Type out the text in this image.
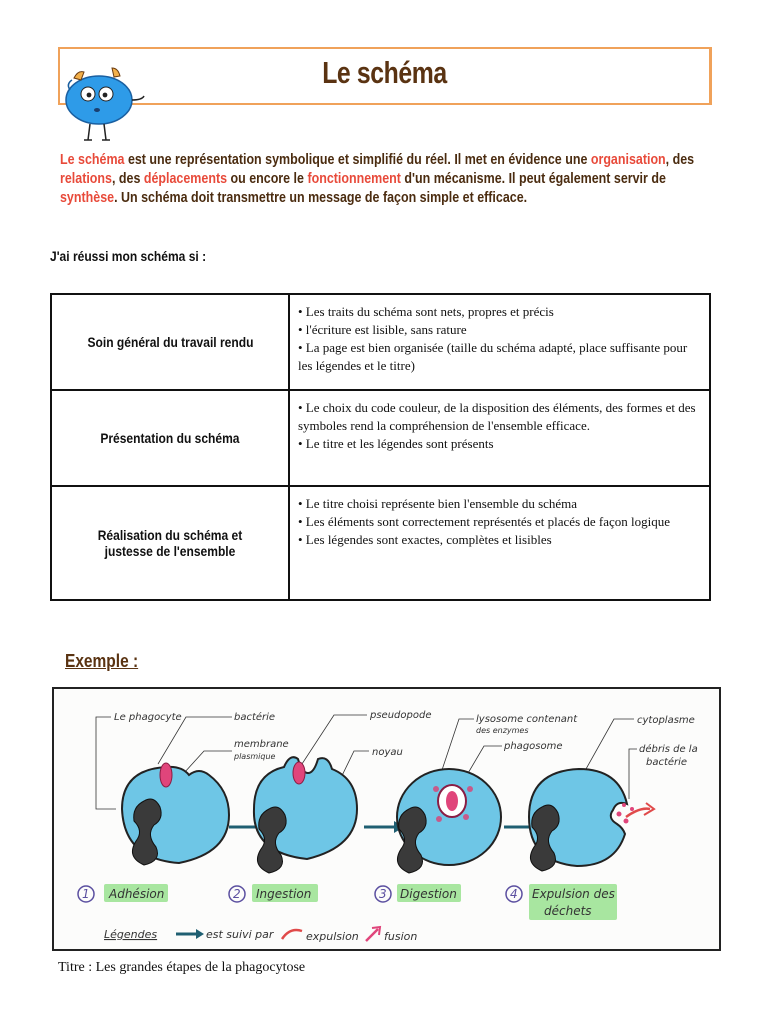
Le schéma
Le schéma est une représentation symbolique et simplifié du réel. Il met en évidence une organisation, des relations, des déplacements ou encore le fonctionnement d'un mécanisme. Il peut également servir de synthèse. Un schéma doit transmettre un message de façon simple et efficace.
J'ai réussi mon schéma si :
Soin général du travail rendu	• Les traits du schéma sont nets, propres et précis
• l'écriture est lisible, sans rature
• La page est bien organisée (taille du schéma adapté, place suffisante pour les légendes et le titre)

Présentation du schéma	• Le choix du code couleur, de la disposition des éléments, des formes et des symboles rend la compréhension de l'ensemble efficace.
• Le titre et les légendes sont présents

Réalisation du schéma et justesse de l'ensemble	• Le titre choisi représente bien l'ensemble du schéma
• Les éléments sont correctement représentés et placés de façon logique
• Les légendes sont exactes, complètes et lisibles
Exemple :
Le phagocyte	bactérie
membrane
plasmique
pseudopode
noyau
lysosome contenant
des enzymes
phagosome
cytoplasme
débris de la
bactérie
1 Adhésion	2 Ingestion	3 Digestion	4 Expulsion des
déchets
Légendes	est suivi par	expulsion fusion
Titre : Les grandes étapes de la phagocytose
